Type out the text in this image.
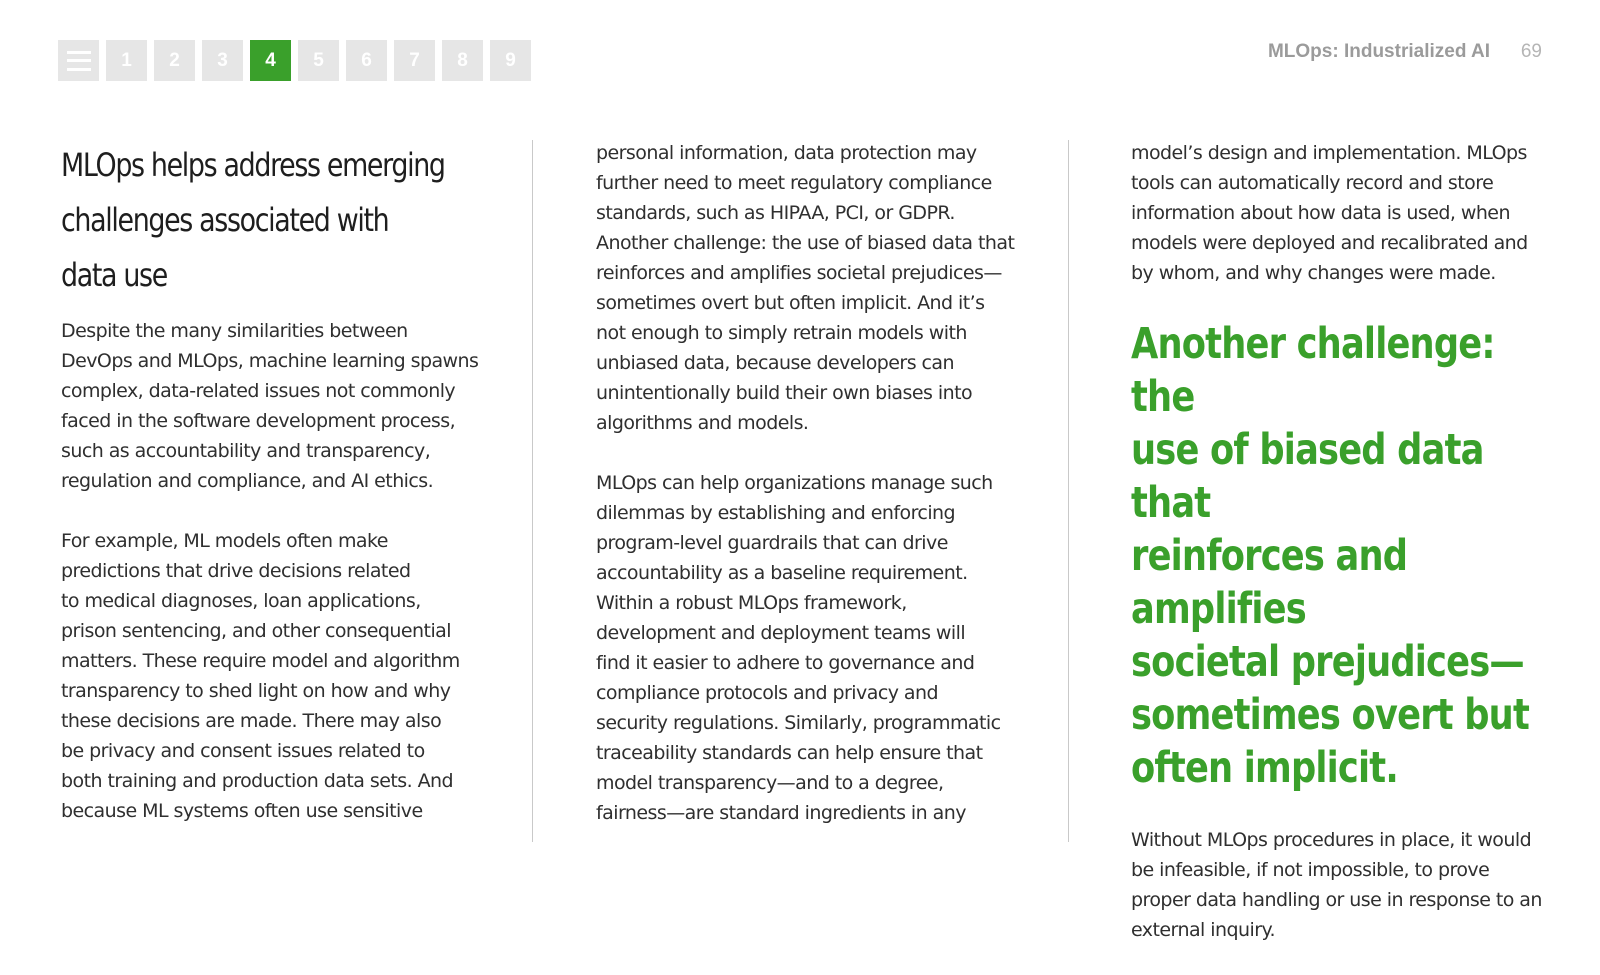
1	2	3	4	5	6	7	8	9	MLOps: Industrialized AI 69
MLOps helps address emerging
challenges associated with
data use

Despite the many similarities between
DevOps and MLOps, machine learning spawns
complex, data-related issues not commonly
faced in the software development process,
such as accountability and transparency,
regulation and compliance, and AI ethics.

For example, ML models often make
predictions that drive decisions related
to medical diagnoses, loan applications,
prison sentencing, and other consequential
matters. These require model and algorithm
transparency to shed light on how and why
these decisions are made. There may also
be privacy and consent issues related to
both training and production data sets. And
because ML systems often use sensitive

personal information, data protection may
further need to meet regulatory compliance
standards, such as HIPAA, PCI, or GDPR.
Another challenge: the use of biased data that
reinforces and amplifies societal prejudices—
sometimes overt but often implicit. And it’s
not enough to simply retrain models with
unbiased data, because developers can
unintentionally build their own biases into
algorithms and models.

MLOps can help organizations manage such
dilemmas by establishing and enforcing
program-level guardrails that can drive
accountability as a baseline requirement.
Within a robust MLOps framework,
development and deployment teams will
find it easier to adhere to governance and
compliance protocols and privacy and
security regulations. Similarly, programmatic
traceability standards can help ensure that
model transparency—and to a degree,
fairness—are standard ingredients in any

model’s design and implementation. MLOps
tools can automatically record and store
information about how data is used, when
models were deployed and recalibrated and
by whom, and why changes were made.

Another challenge: the
use of biased data that
reinforces and amplifies
societal prejudices—
sometimes overt but
often implicit.

Without MLOps procedures in place, it would
be infeasible, if not impossible, to prove
proper data handling or use in response to an
external inquiry.
